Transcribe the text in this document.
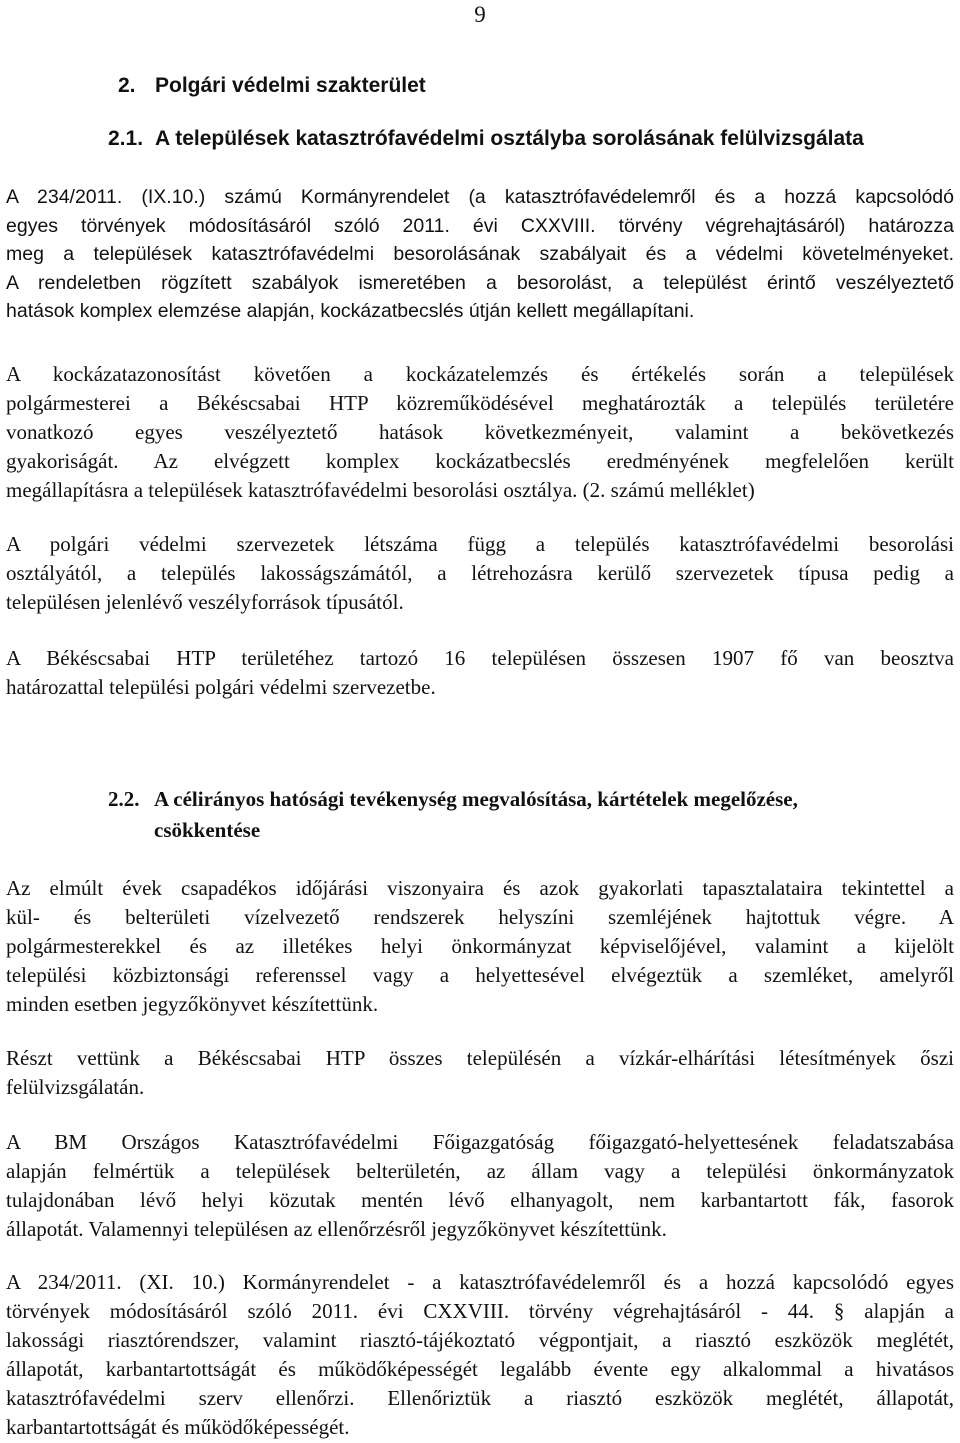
9
2. Polgári védelmi szakterület
2.1. A települések katasztrófavédelmi osztályba sorolásának felülvizsgálata
A 234/2011. (IX.10.) számú Kormányrendelet (a katasztrófavédelemről és a hozzá kapcsolódó
egyes törvények módosításáról szóló 2011. évi CXXVIII. törvény végrehajtásáról) határozza
meg a települések katasztrófavédelmi besorolásának szabályait és a védelmi követelményeket.
A rendeletben rögzített szabályok ismeretében a besorolást, a települést érintő veszélyeztető
hatások komplex elemzése alapján, kockázatbecslés útján kellett megállapítani.
A kockázatazonosítást követően a kockázatelemzés és értékelés során a települések
polgármesterei a Békéscsabai HTP közreműködésével meghatározták a település területére
vonatkozó egyes veszélyeztető hatások következményeit, valamint a bekövetkezés
gyakoriságát. Az elvégzett komplex kockázatbecslés eredményének megfelelően került
megállapításra a települések katasztrófavédelmi besorolási osztálya. (2. számú melléklet)
A polgári védelmi szervezetek létszáma függ a település katasztrófavédelmi besorolási
osztályától, a település lakosságszámától, a létrehozásra kerülő szervezetek típusa pedig a
településen jelenlévő veszélyforrások típusától.
A Békéscsabai HTP területéhez tartozó 16 településen összesen 1907 fő van beosztva
határozattal települési polgári védelmi szervezetbe.
2.2. A célirányos hatósági tevékenység megvalósítása, kártételek megelőzése,
csökkentése
Az elmúlt évek csapadékos időjárási viszonyaira és azok gyakorlati tapasztalataira tekintettel a
kül- és belterületi vízelvezető rendszerek helyszíni szemléjének hajtottuk végre. A
polgármesterekkel és az illetékes helyi önkormányzat képviselőjével, valamint a kijelölt
települési közbiztonsági referenssel vagy a helyettesével elvégeztük a szemléket, amelyről
minden esetben jegyzőkönyvet készítettünk.
Részt vettünk a Békéscsabai HTP összes településén a vízkár-elhárítási létesítmények őszi
felülvizsgálatán.
A BM Országos Katasztrófavédelmi Főigazgatóság főigazgató-helyettesének feladatszabása
alapján felmértük a települések belterületén, az állam vagy a települési önkormányzatok
tulajdonában lévő helyi közutak mentén lévő elhanyagolt, nem karbantartott fák, fasorok
állapotát. Valamennyi településen az ellenőrzésről jegyzőkönyvet készítettünk.
A 234/2011. (XI. 10.) Kormányrendelet - a katasztrófavédelemről és a hozzá kapcsolódó egyes
törvények módosításáról szóló 2011. évi CXXVIII. törvény végrehajtásáról - 44. § alapján a
lakossági riasztórendszer, valamint riasztó-tájékoztató végpontjait, a riasztó eszközök meglétét,
állapotát, karbantartottságát és működőképességét legalább évente egy alkalommal a hivatásos
katasztrófavédelmi szerv ellenőrzi. Ellenőriztük a riasztó eszközök meglétét, állapotát,
karbantartottságát és működőképességét.
